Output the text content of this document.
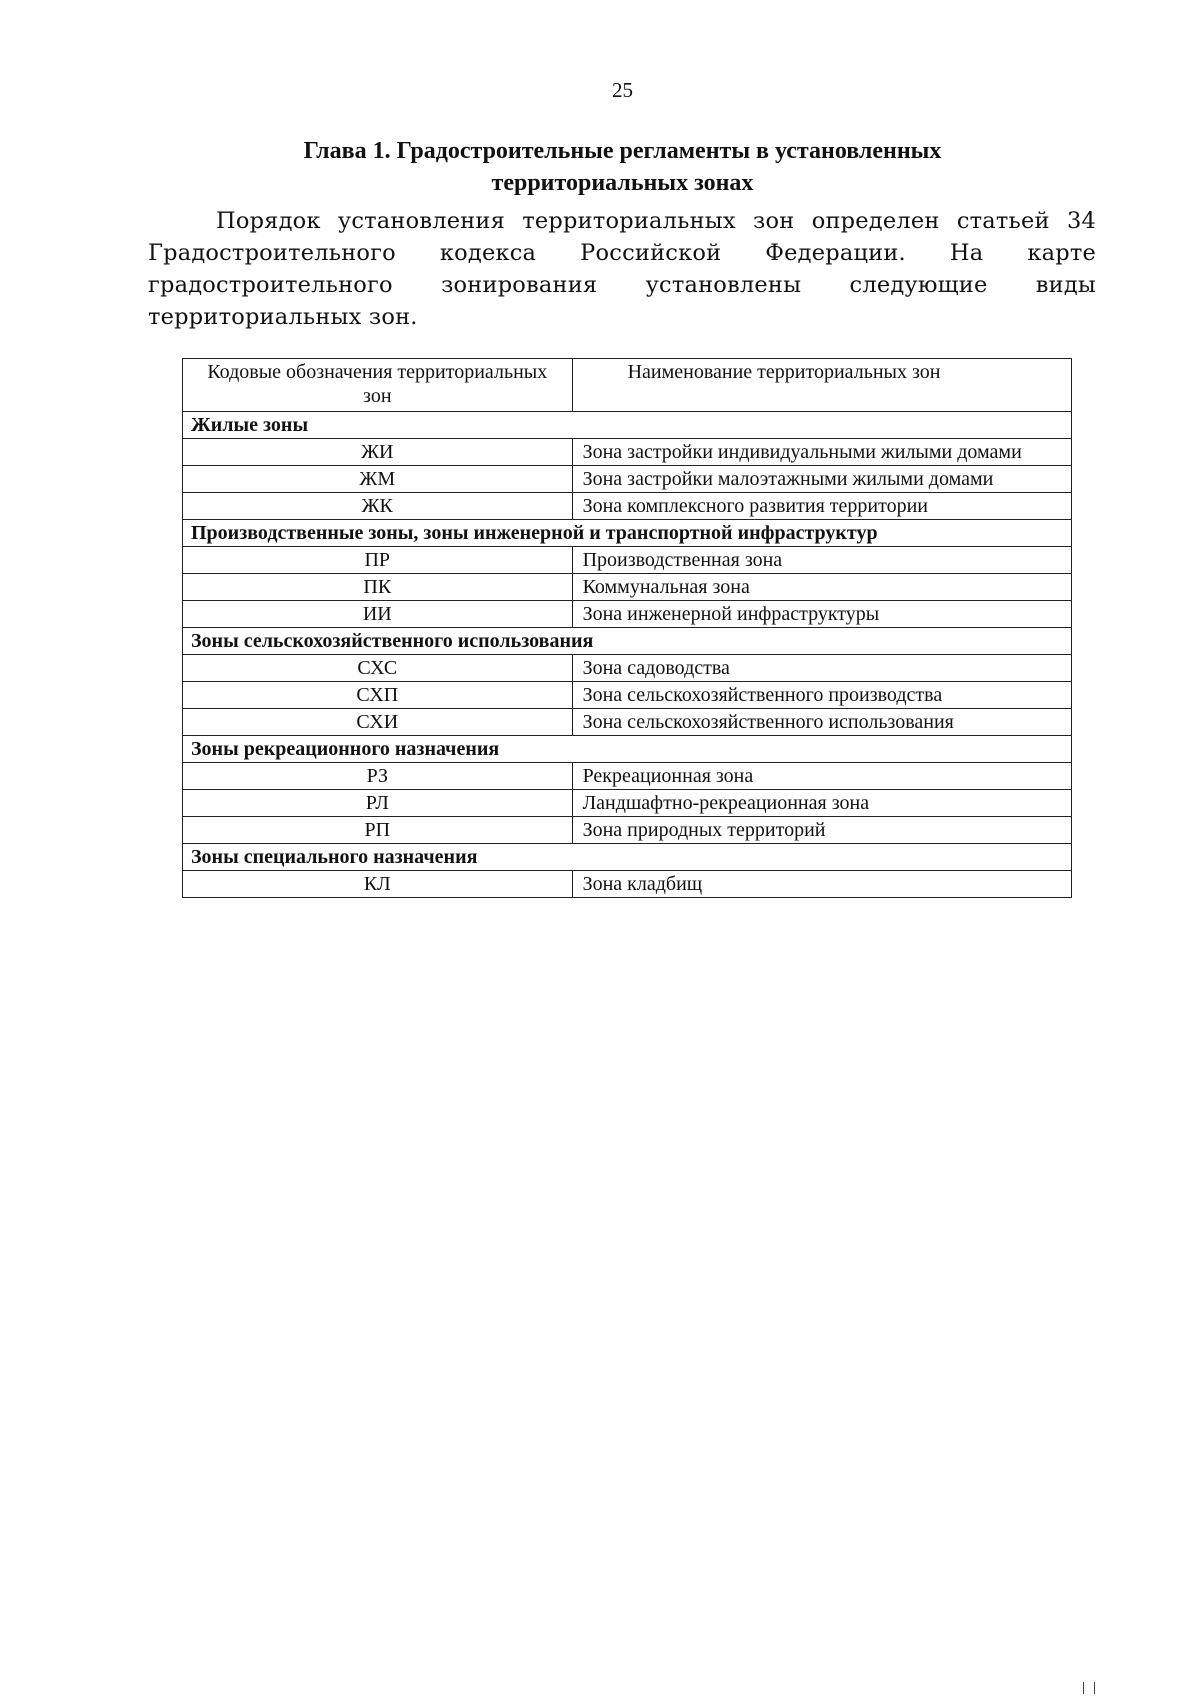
25
Глава 1. Градостроительные регламенты в установленных
территориальных зонах

Порядок установления территориальных зон определен статьей 34 Градостроительного кодекса Российской Федерации. На карте градостроительного зонирования установлены следующие виды территориальных зон.

Кодовые обозначения территориальных зон	Наименование территориальных зон
Жилые зоны	
ЖИ	Зона застройки индивидуальными жилыми домами
ЖМ	Зона застройки малоэтажными жилыми домами
ЖК	Зона комплексного развития территории
Производственные зоны, зоны инженерной и транспортной инфраструктур	
ПР	Производственная зона
ПК	Коммунальная зона
ИИ	Зона инженерной инфраструктуры
Зоны сельскохозяйственного использования	
СХС	Зона садоводства
СХП	Зона сельскохозяйственного производства
СХИ	Зона сельскохозяйственного использования
Зоны рекреационного назначения	
РЗ	Рекреационная зона
РЛ	Ландшафтно-рекреационная зона
РП	Зона природных территорий
Зоны специального назначения	
КЛ	Зона кладбищ
